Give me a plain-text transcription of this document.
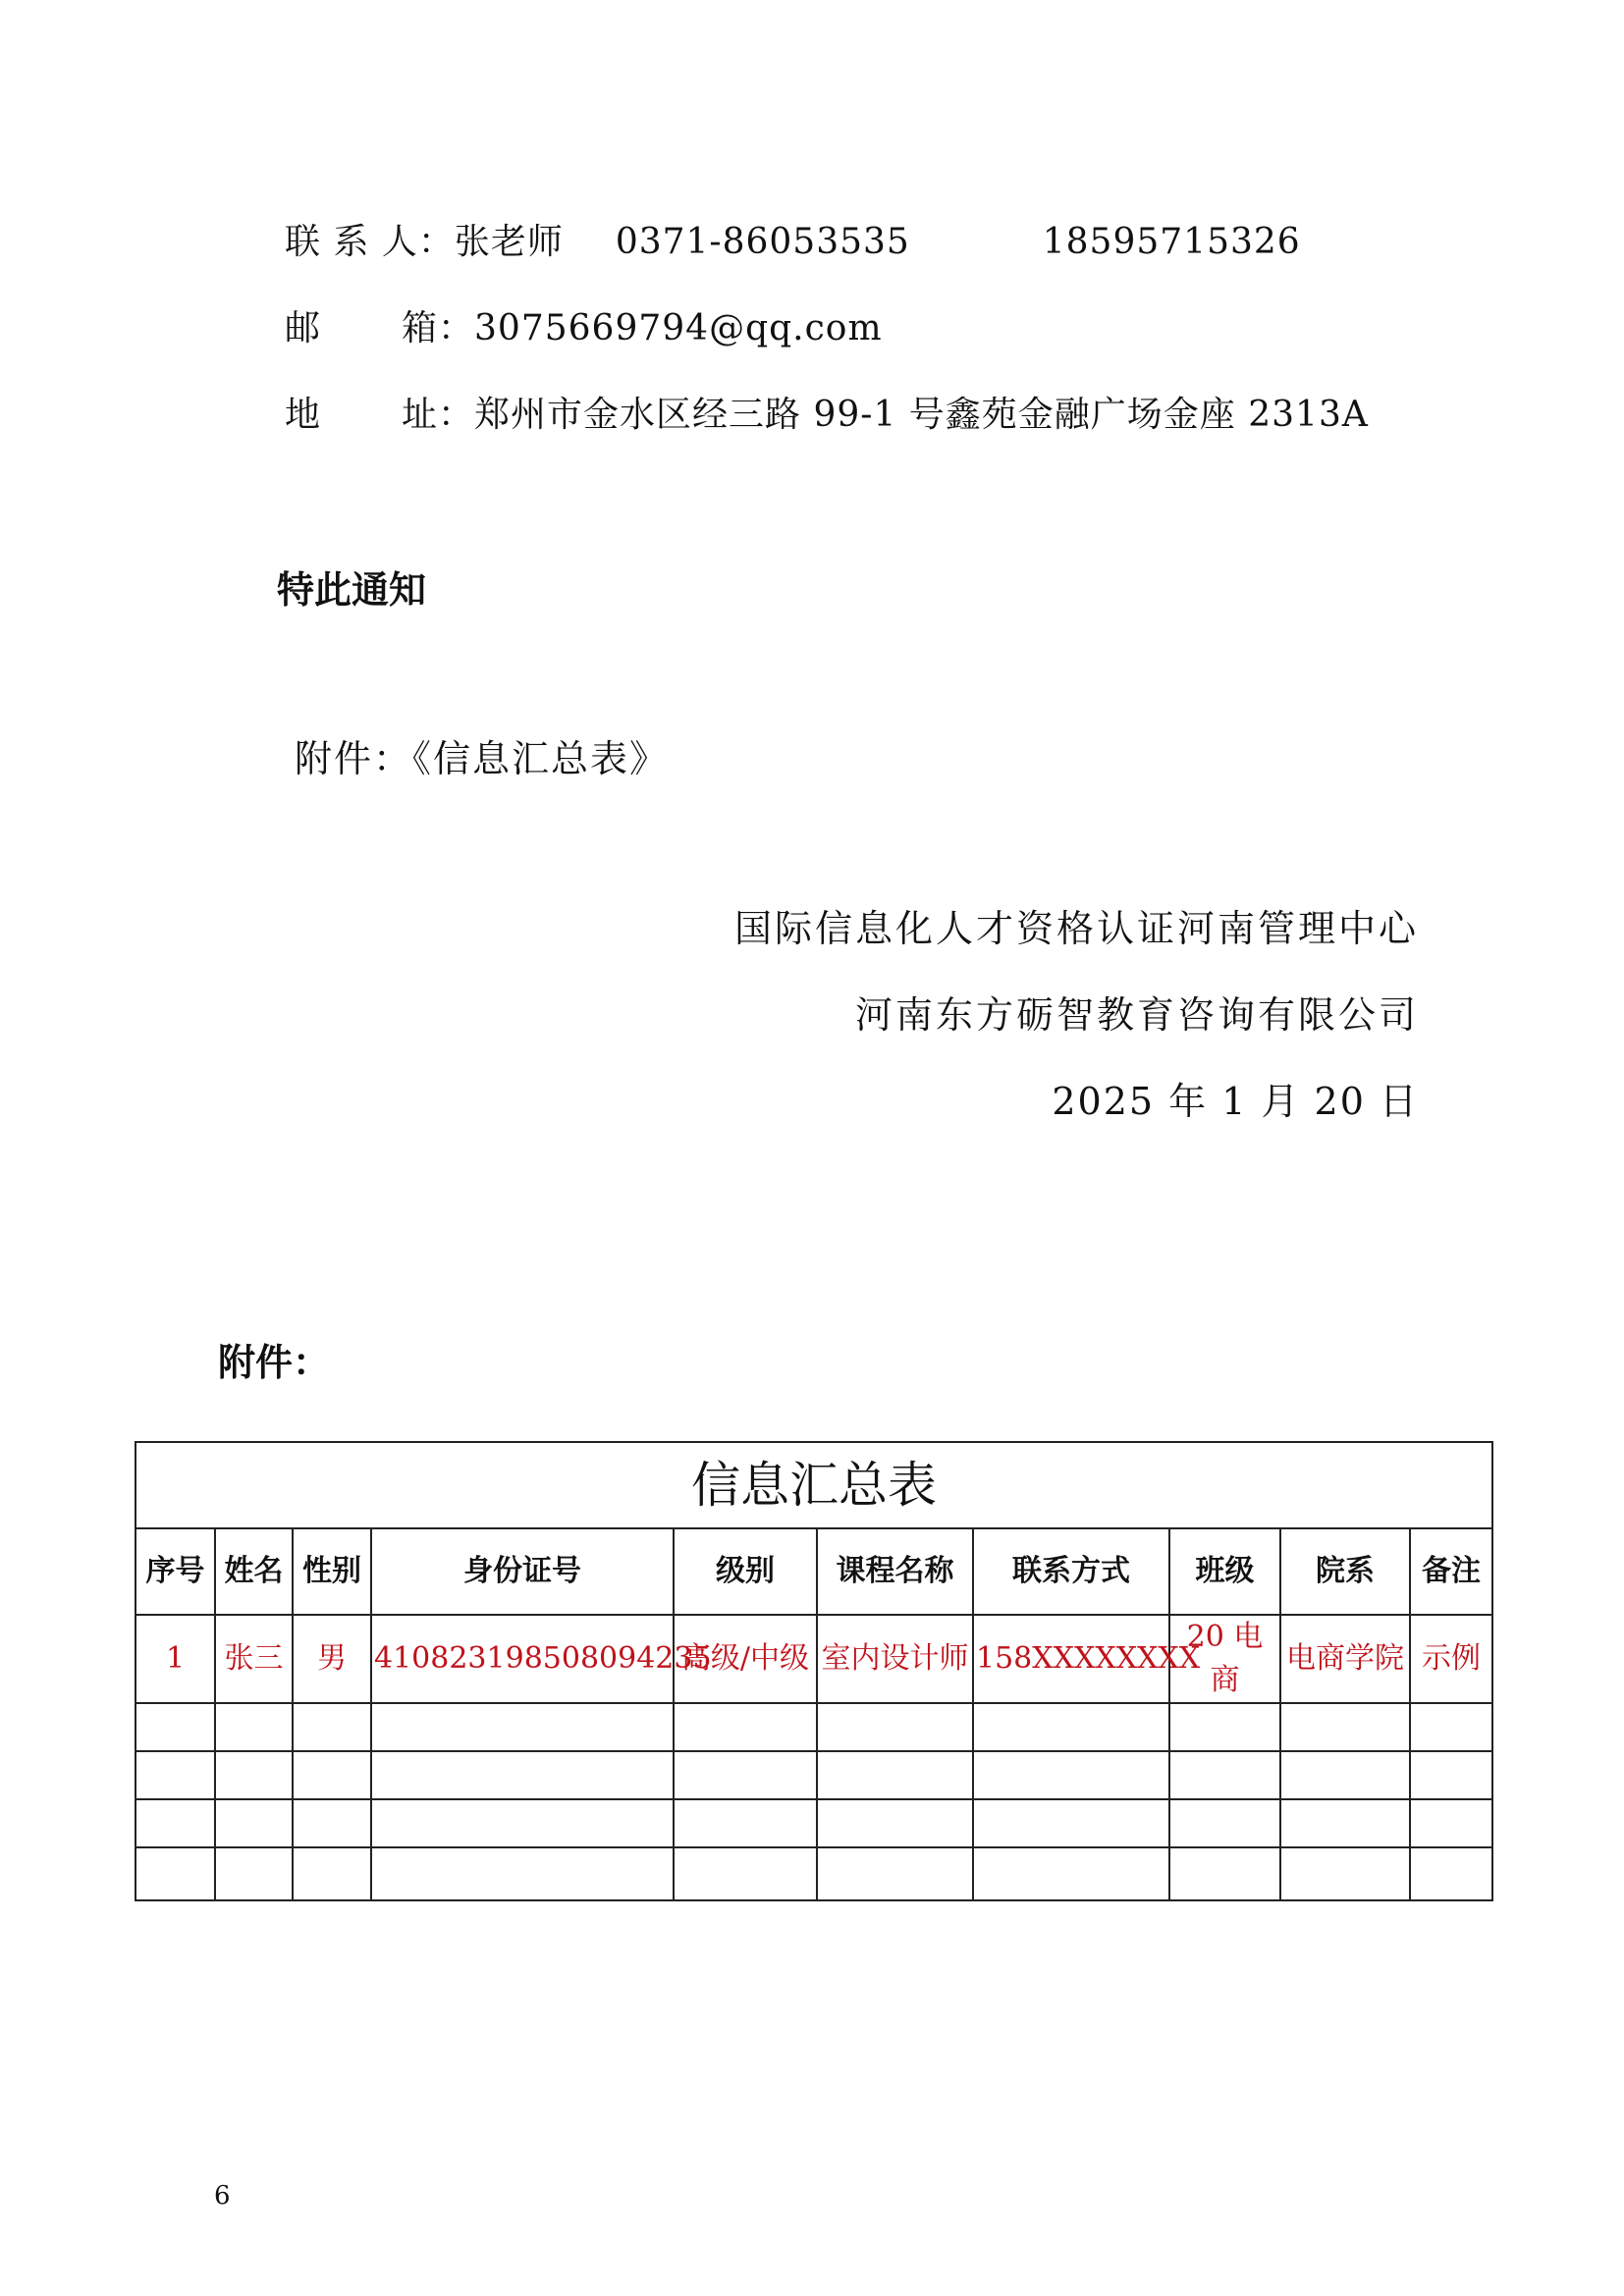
联 系 人：张老师 0371-86053535	18595715326
邮 箱：3075669794@qq.com
地 址：郑州市金水区经三路 99-1 号鑫苑金融广场金座 2313A
特此通知
附件：《信息汇总表》
国际信息化人才资格认证河南管理中心
河南东方砺智教育咨询有限公司
2025 年 1 月 20 日
附件：
信息汇总表									
序号	姓名	性别	身份证号	级别	课程名称	联系方式	班级	院系	备注
1	张三	男	410823198508094235	高级/中级	室内设计师	158XXXXXXXX	20 电商	电商学院	示例

6
